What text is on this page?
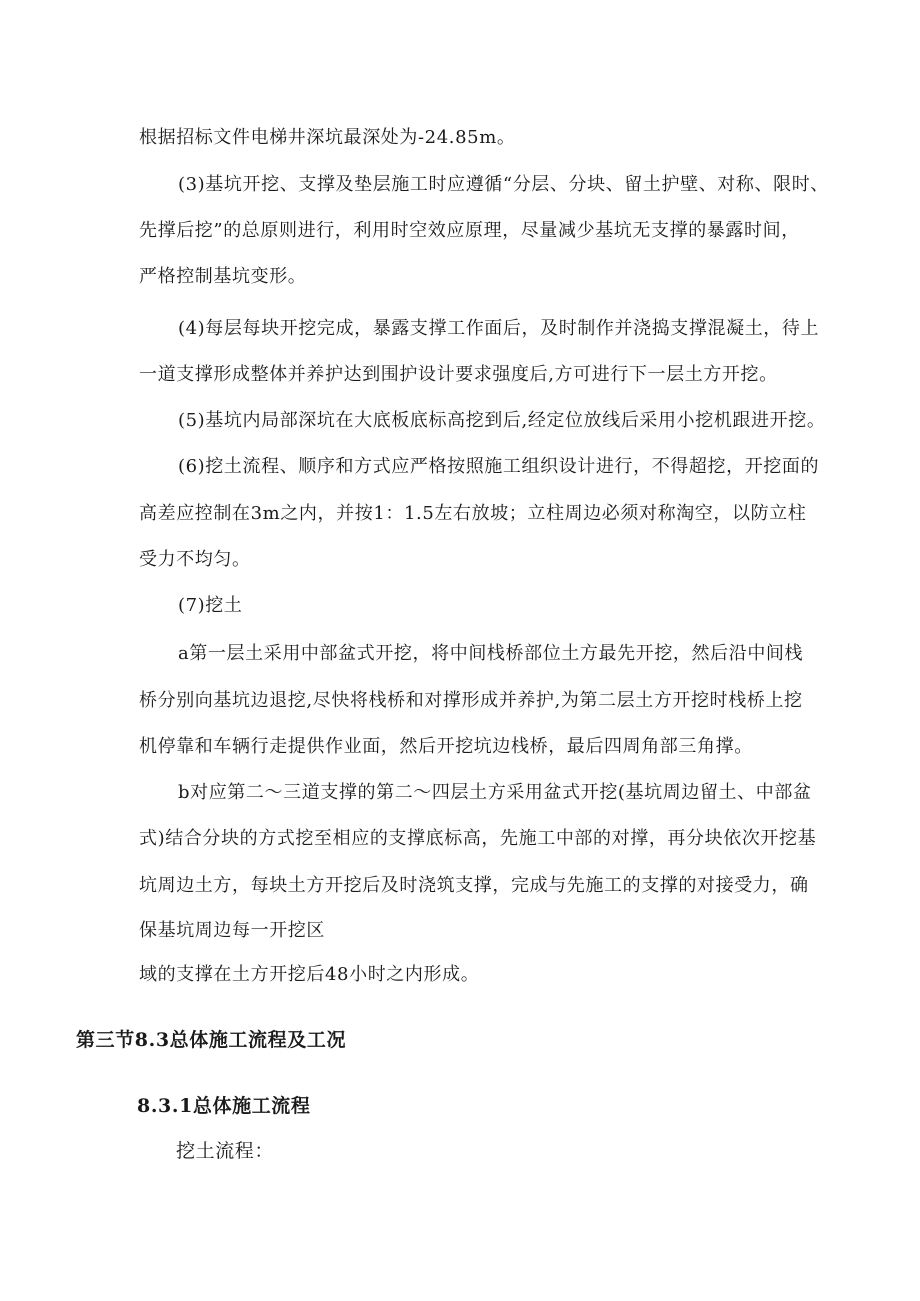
根据招标文件电梯井深坑最深处为-24.85m。
(3)基坑开挖、支撑及垫层施工时应遵循“分层、分块、留土护壁、对称、限时、
先撑后挖”的总原则进行，利用时空效应原理，尽量减少基坑无支撑的暴露时间，
严格控制基坑变形。
(4)每层每块开挖完成，暴露支撑工作面后，及时制作并浇捣支撑混凝土，待上
一道支撑形成整体并养护达到围护设计要求强度后,方可进行下一层土方开挖。
(5)基坑内局部深坑在大底板底标高挖到后,经定位放线后采用小挖机跟进开挖。
(6)挖土流程、顺序和方式应严格按照施工组织设计进行，不得超挖，开挖面的
高差应控制在3m之内，并按1：1.5左右放坡；立柱周边必须对称淘空，以防立柱
受力不均匀。
(7)挖土
a第一层土采用中部盆式开挖，将中间栈桥部位土方最先开挖，然后沿中间栈
桥分别向基坑边退挖,尽快将栈桥和对撑形成并养护,为第二层土方开挖时栈桥上挖
机停靠和车辆行走提供作业面，然后开挖坑边栈桥，最后四周角部三角撑。
b对应第二～三道支撑的第二～四层土方采用盆式开挖(基坑周边留土、中部盆
式)结合分块的方式挖至相应的支撑底标高，先施工中部的对撑，再分块依次开挖基
坑周边土方，每块土方开挖后及时浇筑支撑，完成与先施工的支撑的对接受力，确
保基坑周边每一开挖区
域的支撑在土方开挖后48小时之内形成。
第三节8.3总体施工流程及工况
8.3.1总体施工流程
挖土流程：
